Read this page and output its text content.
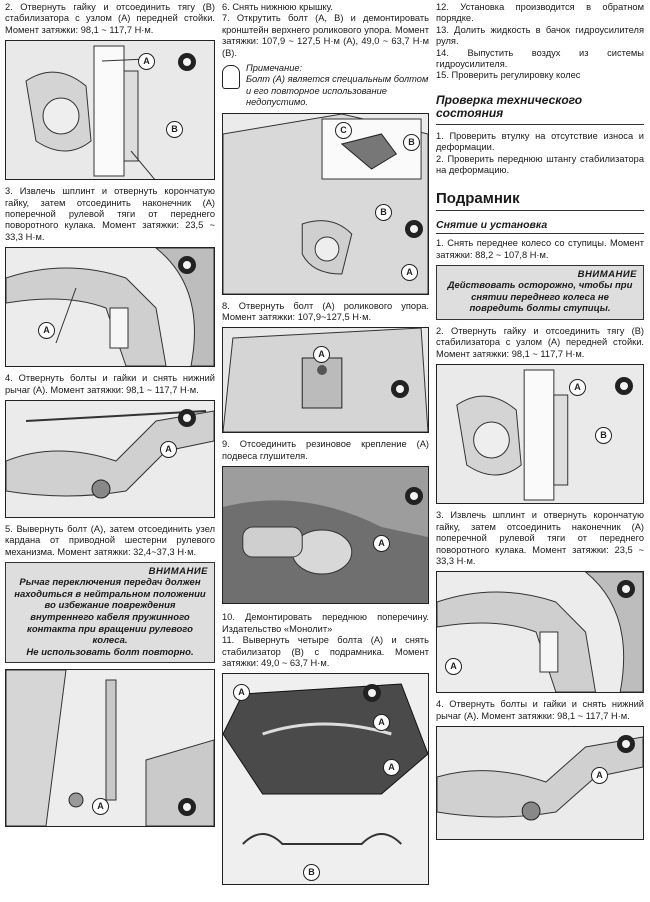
2. Отвернуть гайку и отсоединить тягу (В) стабилизатора с узлом (А) передней стойки. Момент затяжки: 98,1 ~ 117,7 Н·м.

A
B

3. Извлечь шплинт и отвернуть корончатую гайку, затем отсоединить наконечник (А) поперечной рулевой тяги от переднего поворотного кулака. Момент затяжки: 23,5 ~ 33,3 Н·м.

A

4. Отвернуть болты и гайки и снять нижний рычаг (А). Момент затяжки: 98,1 ~ 117,7 Н·м.

A

5. Вывернуть болт (А), затем отсоединить узел кардана от приводной шестерни рулевого механизма. Момент затяжки: 32,4~37,3 Н·м.

ВНИМАНИЕ
Рычаг переключения передач должен находиться в нейтральном положении во избежание повреждения внутреннего кабеля пружинного контакта при вращении рулевого колеса.
Не использовать болт повторно.
A

6. Снять нижнюю крышку.

7. Открутить болт (А, В) и демонтировать кронштейн верхнего роликового упора. Момент затяжки: 107,9 ~ 127,5 Н·м (А), 49,0 ~ 63,7 Н·м (В).

Примечание:
Болт (А) является специальным болтом и его повторное использование недопустимо.
C
B
B
A

8. Отвернуть болт (А) роликового упора. Момент затяжки: 107,9~127,5 Н·м.

A

9. Отсоединить резиновое крепление (А) подвеса глушителя.

A

10. Демонтировать переднюю поперечину. Издательство «Монолит»

11. Вывернуть четыре болта (А) и снять стабилизатор (В) с подрамника. Момент затяжки: 49,0 ~ 63,7 Н·м.

A
A
A
B

12. Установка производится в обратном порядке.

13. Долить жидкость в бачок гидроусилителя руля.

14. Выпустить воздух из системы гидроусилителя.

15. Проверить регулировку колес

Проверка технического состояния

1. Проверить втулку на отсутствие износа и деформации.

2. Проверить переднюю штангу стабилизатора на деформацию.

Подрамник
Снятие и установка

1. Снять переднее колесо со ступицы. Момент затяжки: 88,2 ~ 107,8 Н·м.

ВНИМАНИЕ
Действовать осторожно, чтобы при снятии переднего колеса не повредить болты ступицы.

2. Отвернуть гайку и отсоединить тягу (В) стабилизатора с узлом (А) передней стойки. Момент затяжки: 98,1 ~ 117,7 Н·м.

A
B

3. Извлечь шплинт и отвернуть корончатую гайку, затем отсоединить наконечник (А) поперечной рулевой тяги от переднего поворотного кулака. Момент затяжки: 23,5 ~ 33,3 Н·м.

A

4. Отвернуть болты и гайки и снять нижний рычаг (А). Момент затяжки: 98,1 ~ 117,7 Н·м.

A
